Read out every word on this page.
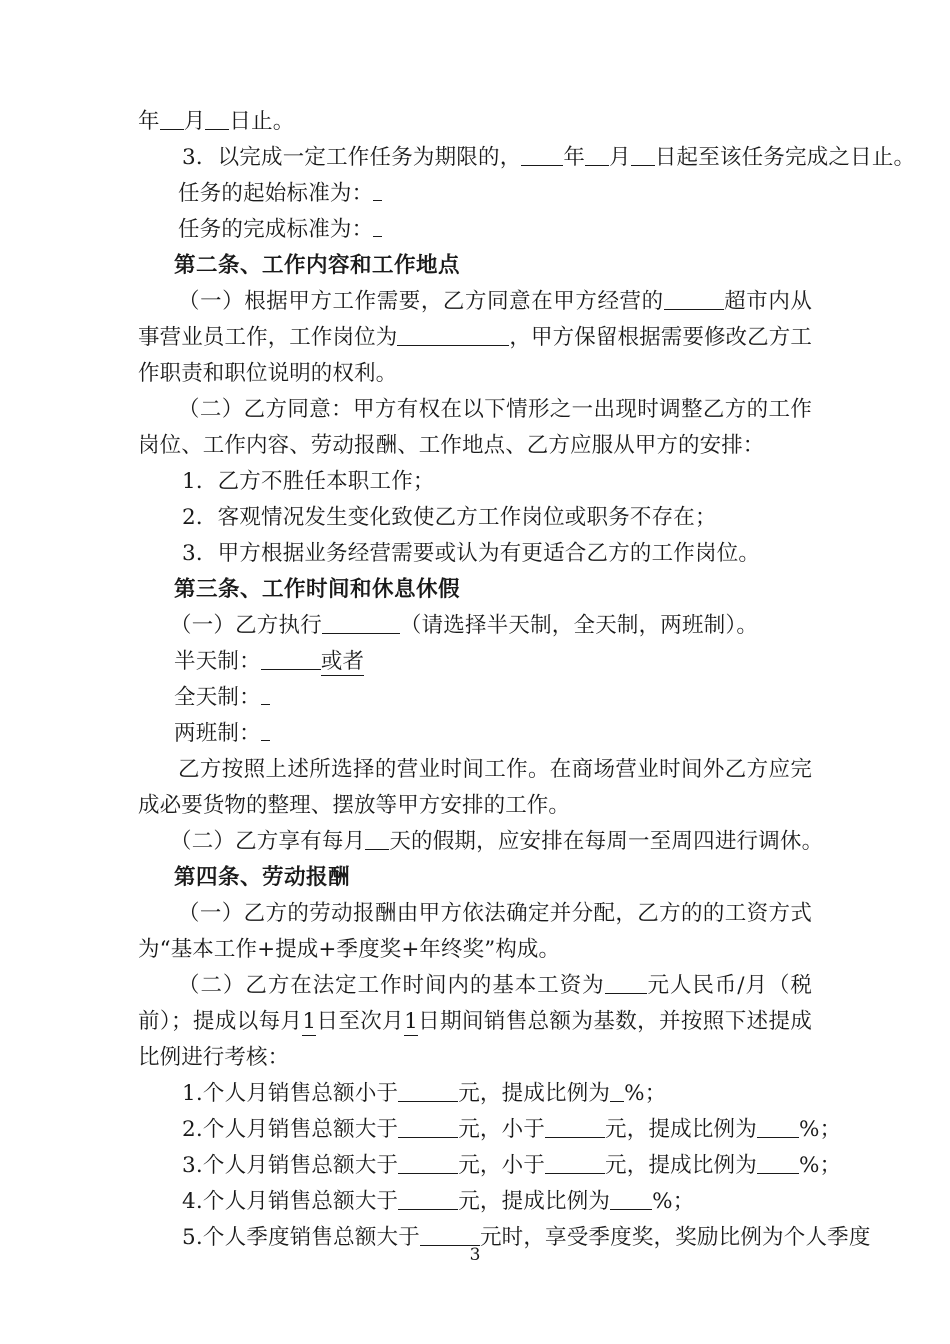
年 月 日止。
3．以完成一定工作任务为期限的， 年 月 日起至该任务完成之日止。
任务的起始标准为：
任务的完成标准为：
第二条、工作内容和工作地点
（一）根据甲方工作需要，乙方同意在甲方经营的	超市内从事营业员工作，工作岗位为	，甲方保留根据需要修改乙方工作职责和职位说明的权利。
（二）乙方同意：甲方有权在以下情形之一出现时调整乙方的工作岗位、工作内容、劳动报酬、工作地点、乙方应服从甲方的安排：
1．乙方不胜任本职工作；
2．客观情况发生变化致使乙方工作岗位或职务不存在；
3．甲方根据业务经营需要或认为有更适合乙方的工作岗位。
第三条、工作时间和休息休假
（一）乙方执行	（请选择半天制，全天制，两班制）。
半天制：	或者
全天制：
两班制：
乙方按照上述所选择的营业时间工作。在商场营业时间外乙方应完成必要货物的整理、摆放等甲方安排的工作。
（二）乙方享有每月 天的假期，应安排在每周一至周四进行调休。
第四条、劳动报酬
（一）乙方的劳动报酬由甲方依法确定并分配，乙方的的工资方式为“基本工作+提成+季度奖+年终奖”构成。
（二）乙方在法定工作时间内的基本工资为 元人民币/月（税前）；提成以每月1日至次月1日期间销售总额为基数，并按照下述提成比例进行考核：
1.个人月销售总额小于	元，提成比例为 %；
2.个人月销售总额大于	元，小于	元，提成比例为 %；
3.个人月销售总额大于	元，小于	元，提成比例为 %；
4.个人月销售总额大于	元，提成比例为 %；
5.个人季度销售总额大于	元时，享受季度奖，奖励比例为个人季度
3
